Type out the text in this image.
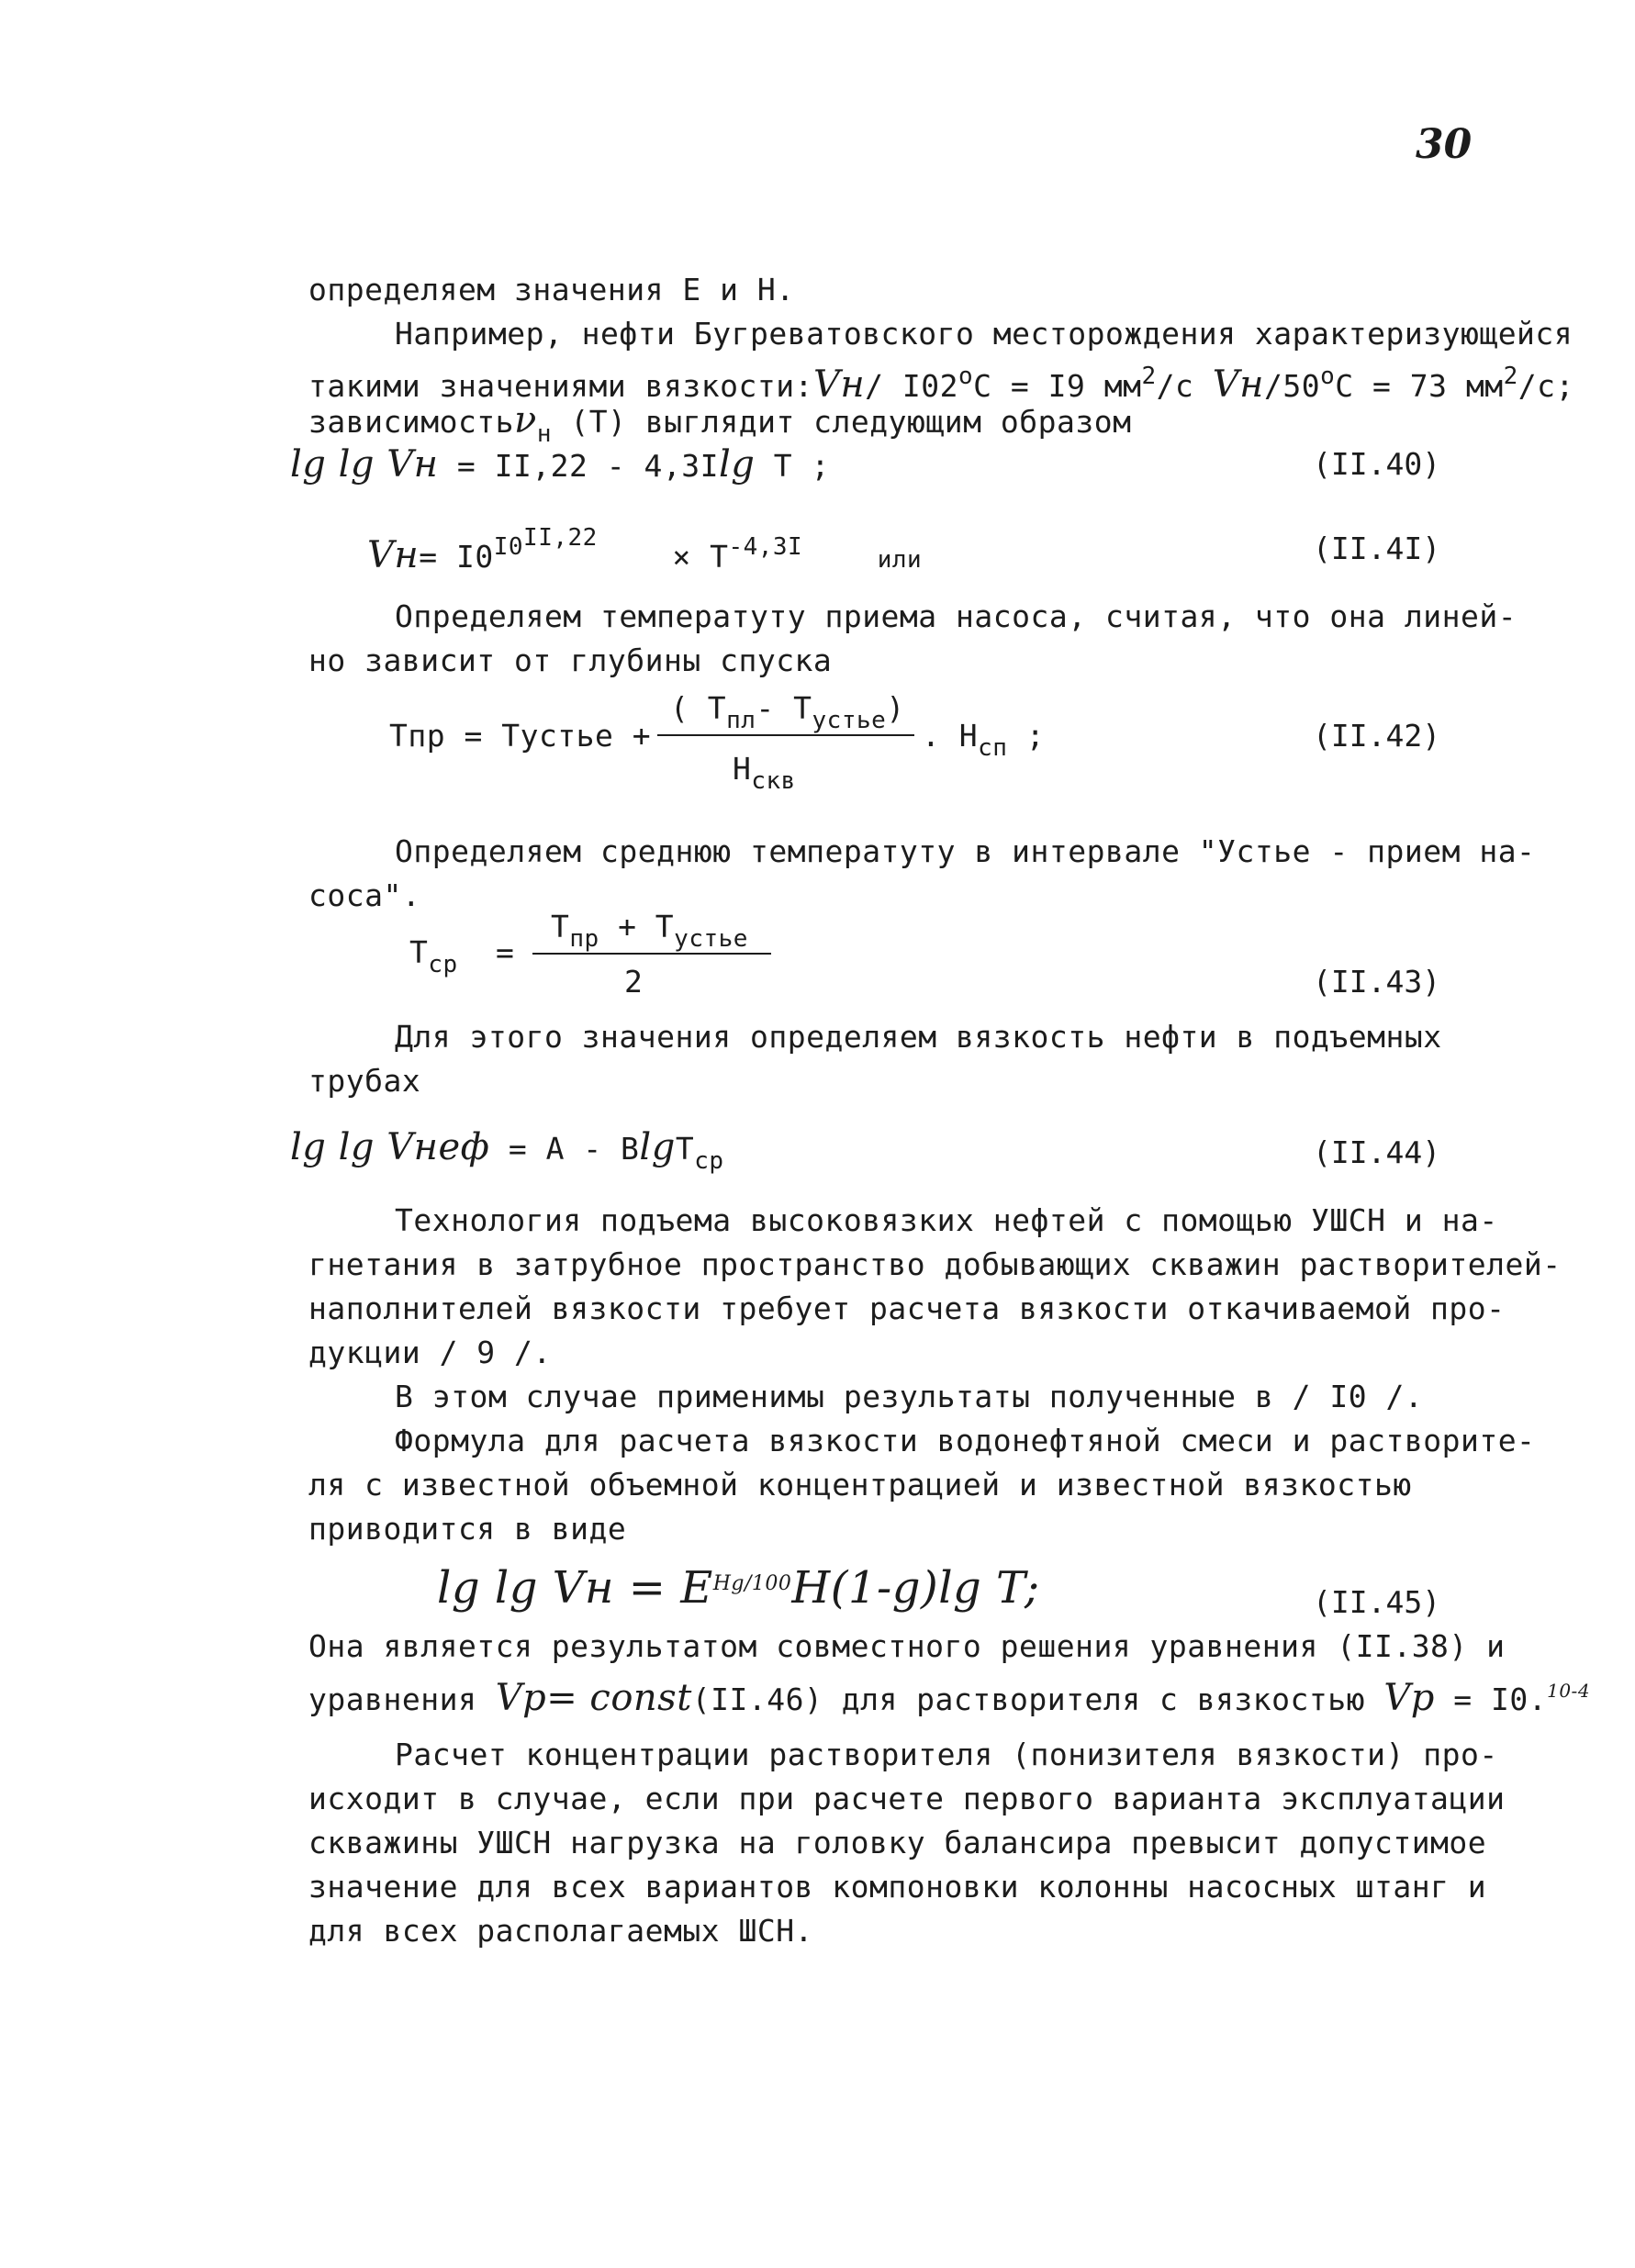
30
определяем значения Е и Н.
Например, нефти Бугреватовского месторождения характеризующейся
такими значениями вязкости:Vн/ $I02^oС = I9$ $мм^2/с$ $Vн/50^oС = 73$ $мм^2/с$;
зависимостьν$_н$ (Т) выглядит следующим образом
lg lg Vн = II,22 - 4,3Ilg T ;	(II.40)
$Vн= I0^{I0II,22}$    × $T^{-4,3I}$	или	(II.4I)
Определяем температуту приема насоса, считая, что она линей-
но зависит от глубины спуска
Тпр = Тустье +
( $Т_{пл}-$ $Т_{устье}$)
$Н_{скв}$
. $Н_{сп}$ ;	(II.42)
Определяем среднюю температуту в интервале "Устье - прием на-
соса".
$Т_{ср}$ =
$Т_{пр} + Т_{устье}$
2	(II.43)
Для этого значения определяем вязкость нефти в подъемных
трубах
lg lg Vнеф = А - ВlgТ$_{ср}$	(II.44)
Технология подъема высоковязких нефтей с помощью УШСН и на-
гнетания в затрубное пространство добывающих скважин растворителей-
наполнителей вязкости требует расчета вязкости откачиваемой про-
дукции / 9 /.
В этом случае применимы результаты полученные в / I0 /.
Формула для расчета вязкости водонефтяной смеси и растворите-
ля с известной объемной концентрацией и известной вязкостью
приводится в виде
lg lg Vн = $E^{Hg/100}H(1-g)\lg$ T;	(II.45)
Она является результатом совместного решения уравнения (II.38) и
уравнения Vp= const(II.46) для растворителя с вязкостью Vp = I0.$^{10-4}$
Расчет концентрации растворителя (понизителя вязкости) про-
исходит в случае, если при расчете первого варианта эксплуатации
скважины УШСН нагрузка на головку балансира превысит допустимое
значение для всех вариантов компоновки колонны насосных штанг и
для всех располагаемых ШСН.
